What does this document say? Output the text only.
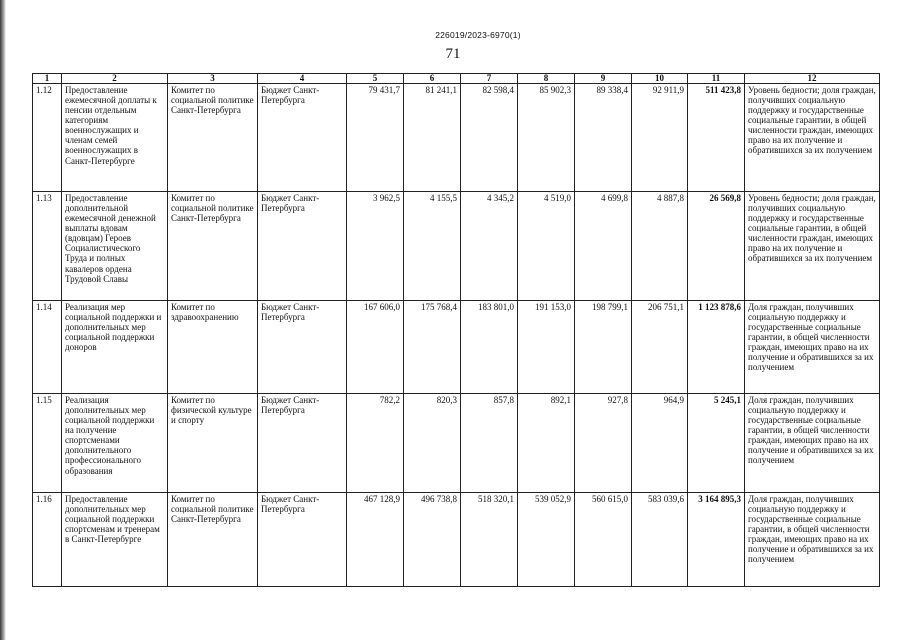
226019/2023-6970(1)
71
1	2	3	4	5	6	7	8	9	10	11	12
1.12	Предоставление ежемесячной доплаты к пенсии отдельным категориям военнослужащих и членам семей военнослужащих в Санкт-Петербурге	Комитет по социальной политике Санкт-Петербурга	Бюджет Санкт-Петербурга	79 431,7	81 241,1	82 598,4	85 902,3	89 338,4	92 911,9	511 423,8	Уровень бедности; доля граждан, получивших социальную поддержку и государственные социальные гарантии, в общей численности граждан, имеющих право на их получение и обратившихся за их получением
1.13	Предоставление дополнительной ежемесячной денежной выплаты вдовам (вдовцам) Героев Социалистического Труда и полных кавалеров ордена Трудовой Славы	Комитет по социальной политике Санкт-Петербурга	Бюджет Санкт-Петербурга	3 962,5	4 155,5	4 345,2	4 519,0	4 699,8	4 887,8	26 569,8	Уровень бедности; доля граждан, получивших социальную поддержку и государственные социальные гарантии, в общей численности граждан, имеющих право на их получение и обратившихся за их получением
1.14	Реализация мер социальной поддержки и дополнительных мер социальной поддержки доноров	Комитет по здравоохранению	Бюджет Санкт-Петербурга	167 606,0	175 768,4	183 801,0	191 153,0	198 799,1	206 751,1	1 123 878,6	Доля граждан, получивших социальную поддержку и государственные социальные гарантии, в общей численности граждан, имеющих право на их получение и обратившихся за их получением
1.15	Реализация дополнительных мер социальной поддержки на получение спортсменами дополнительного профессионального образования	Комитет по физической культуре и спорту	Бюджет Санкт-Петербурга	782,2	820,3	857,8	892,1	927,8	964,9	5 245,1	Доля граждан, получивших социальную поддержку и государственные социальные гарантии, в общей численности граждан, имеющих право на их получение и обратившихся за их получением
1.16	Предоставление дополнительных мер социальной поддержки спортсменам и тренерам в Санкт-Петербурге	Комитет по социальной политике Санкт-Петербурга	Бюджет Санкт-Петербурга	467 128,9	496 738,8	518 320,1	539 052,9	560 615,0	583 039,6	3 164 895,3	Доля граждан, получивших социальную поддержку и государственные социальные гарантии, в общей численности граждан, имеющих право на их получение и обратившихся за их получением
